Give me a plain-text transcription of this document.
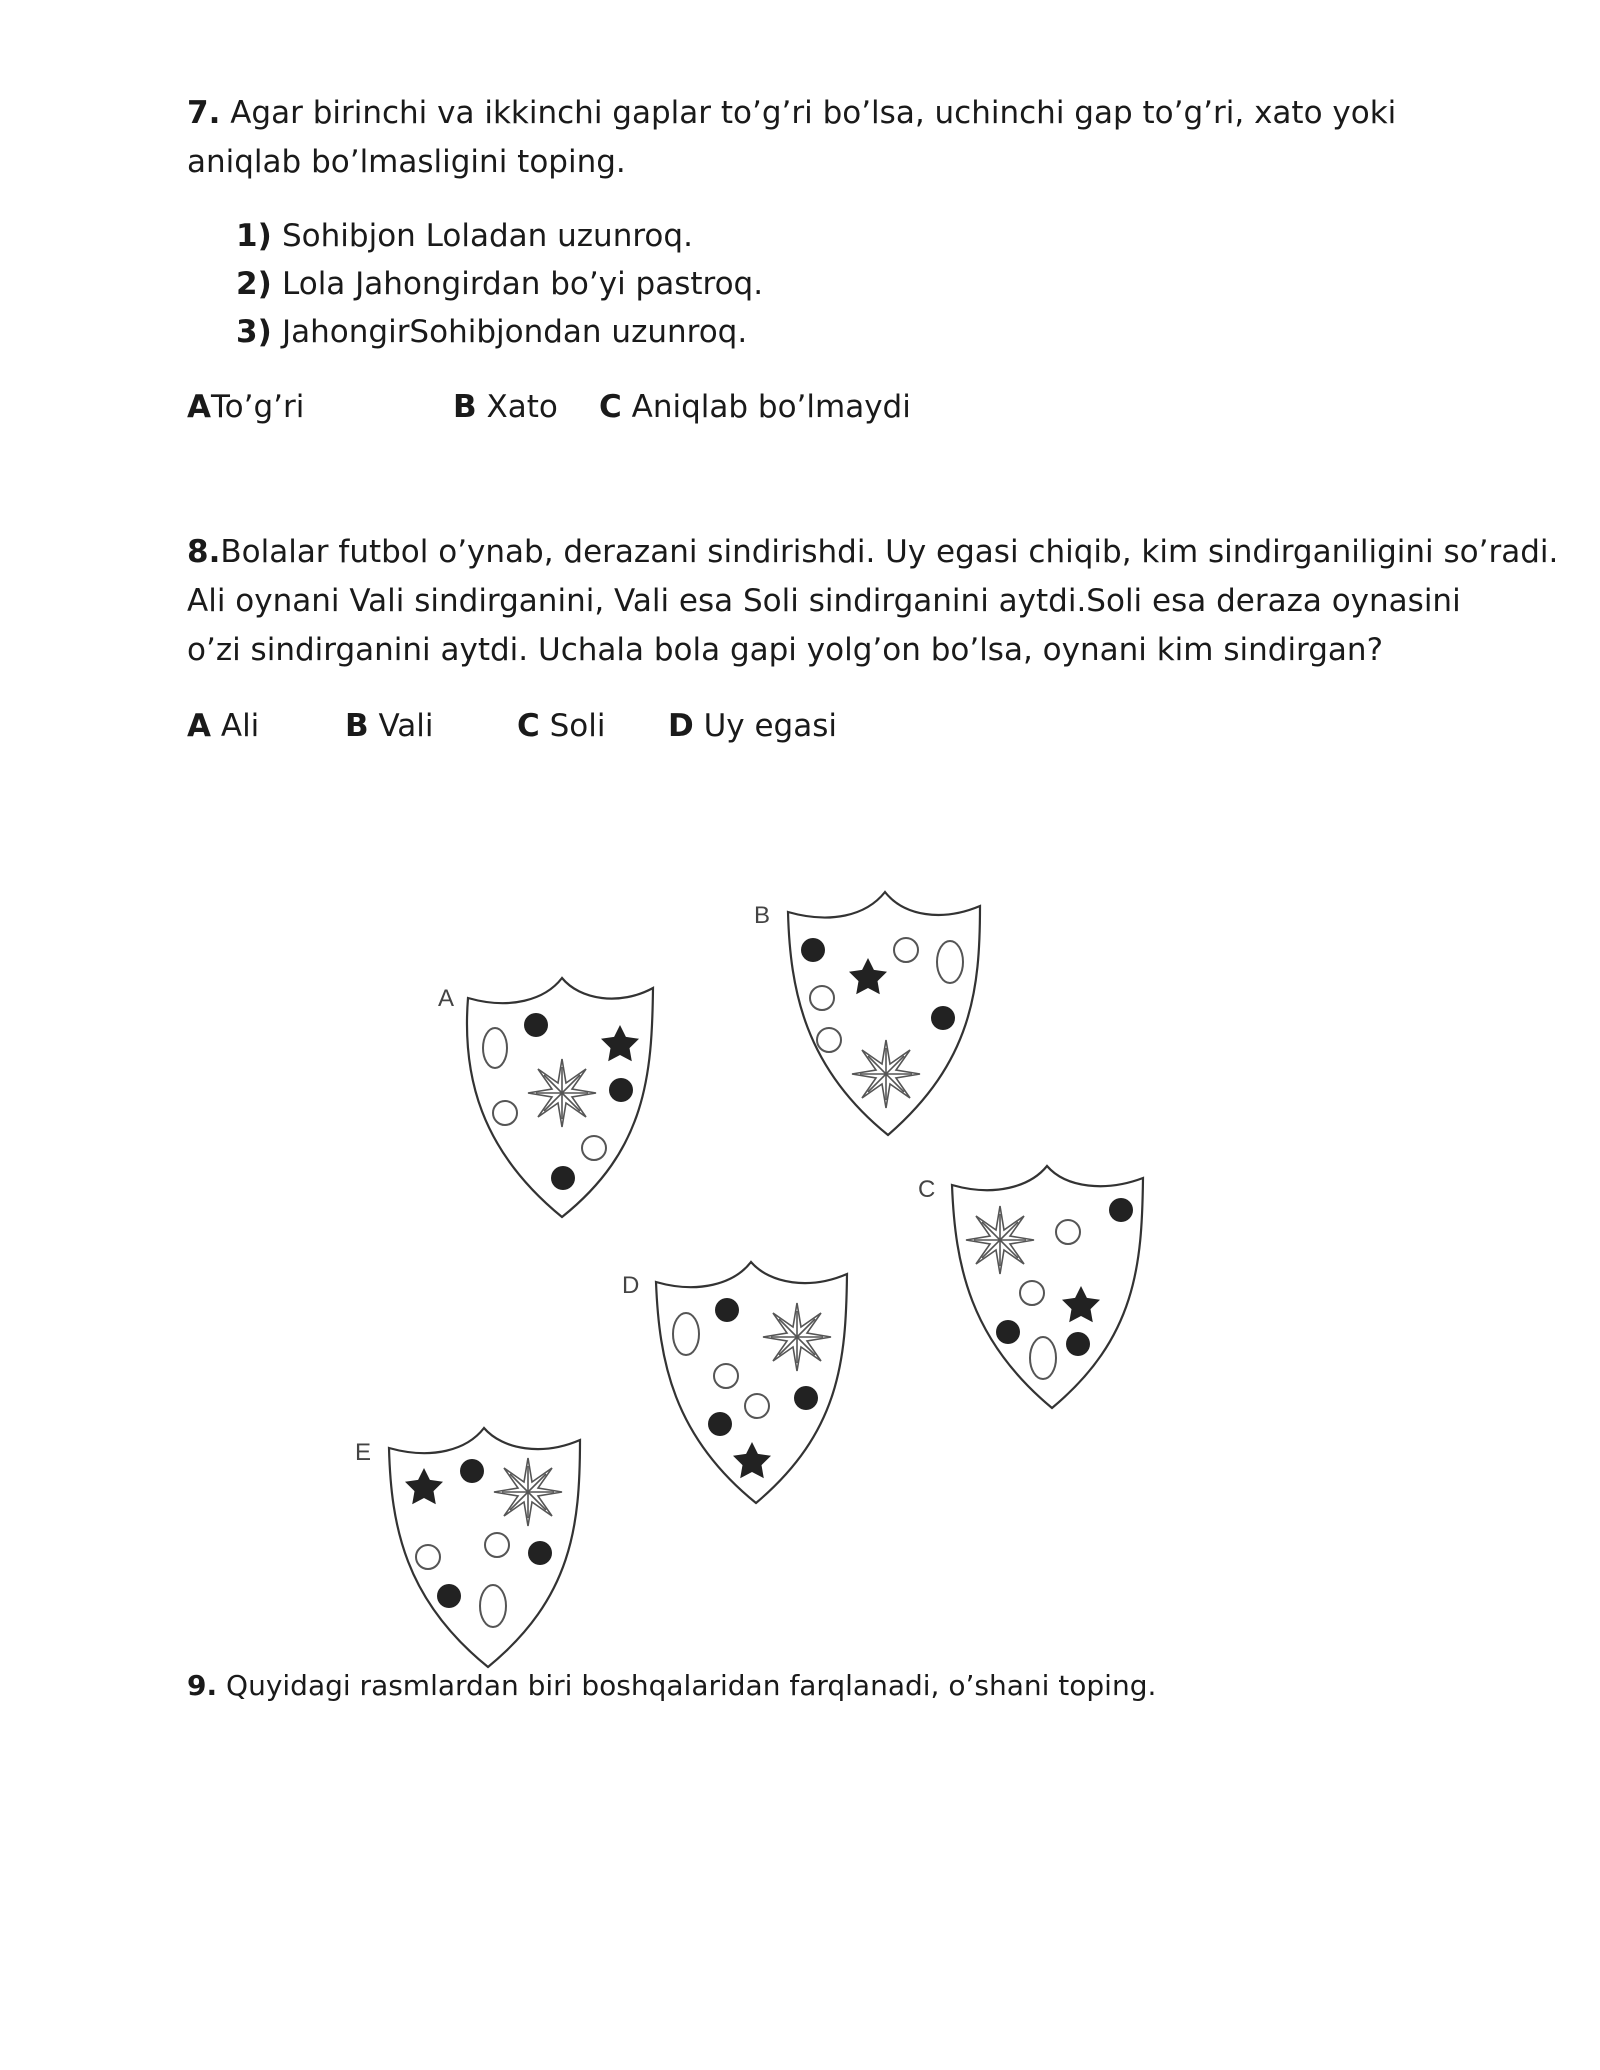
7. Agar birinchi va ikkinchi gaplar to’g’ri bo’lsa, uchinchi gap to’g’ri, xato yoki

aniqlab bo’lmasligini toping.

1) Sohibjon Loladan uzunroq.
2) Lola Jahongirdan bo’yi pastroq.
3) JahongirSohibjondan uzunroq.
ATo’g’ri	B Xato C Aniqlab bo’lmaydi

8.Bolalar futbol o’ynab, derazani sindirishdi. Uy egasi chiqib, kim sindirganiligini so’radi.

Ali oynani Vali sindirganini, Vali esa Soli sindirganini aytdi.Soli esa deraza oynasini

o’zi sindirganini aytdi. Uchala bola gapi yolg’on bo’lsa, oynani kim sindirgan?

A Ali	B Vali	C Soli D Uy egasi
A
B
C
D
E
9. Quyidagi rasmlardan biri boshqalaridan farqlanadi, o’shani toping.
